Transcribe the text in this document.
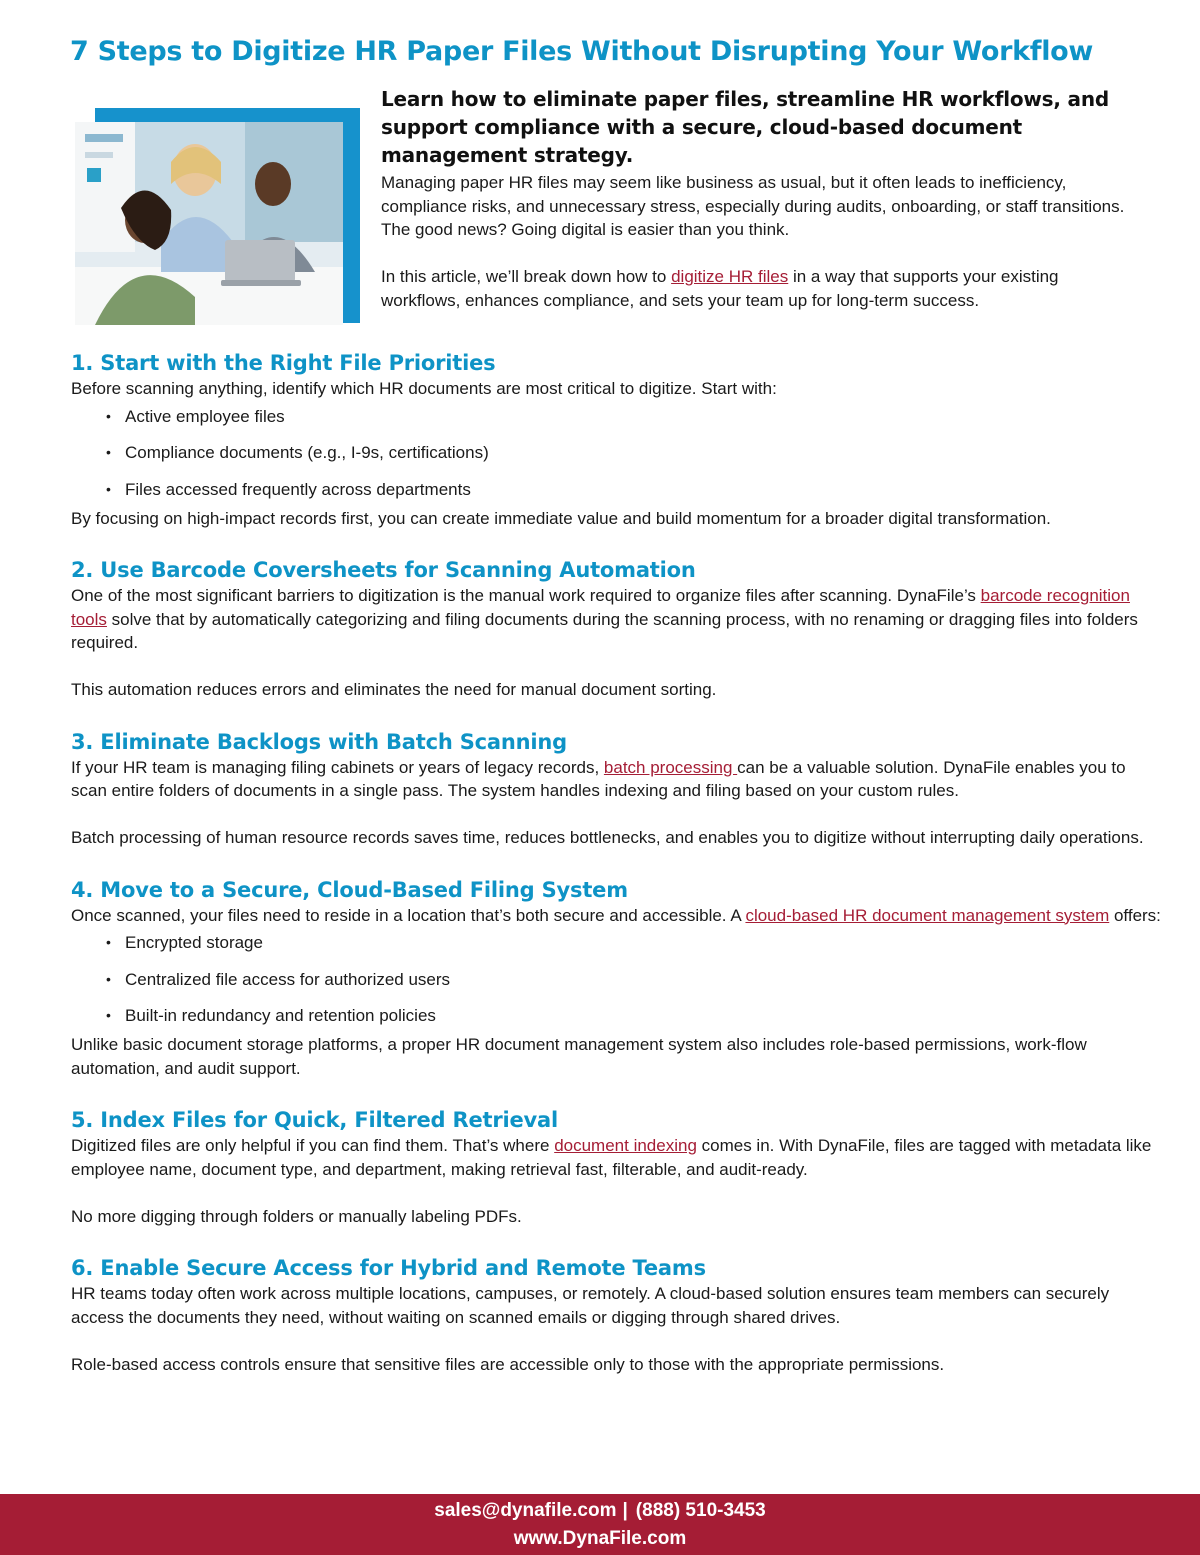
7 Steps to Digitize HR Paper Files Without Disrupting Your Workflow
Learn how to eliminate paper files, streamline HR workflows, and support compliance with a secure, cloud-based document management strategy.

Managing paper HR files may seem like business as usual, but it often leads to inefficiency, compliance risks, and unnecessary stress, especially during audits, onboarding, or staff transitions. The good news? Going digital is easier than you think.

In this article, we’ll break down how to digitize HR files in a way that supports your existing workflows, enhances compliance, and sets your team up for long-term success.

1. Start with the Right File Priorities

Before scanning anything, identify which HR documents are most critical to digitize. Start with:

• Active employee files
• Compliance documents (e.g., I-9s, certifications)
• Files accessed frequently across departments

By focusing on high-impact records first, you can create immediate value and build momentum for a broader digital transformation.

2. Use Barcode Coversheets for Scanning Automation

One of the most significant barriers to digitization is the manual work required to organize files after scanning. DynaFile’s barcode recognition tools solve that by automatically categorizing and filing documents during the scanning process, with no renaming or dragging files into folders required.

This automation reduces errors and eliminates the need for manual document sorting.

3. Eliminate Backlogs with Batch Scanning

If your HR team is managing filing cabinets or years of legacy records, batch processing can be a valuable solution. DynaFile enables you to scan entire folders of documents in a single pass. The system handles indexing and filing based on your custom rules.

Batch processing of human resource records saves time, reduces bottlenecks, and enables you to digitize without interrupting daily operations.

4. Move to a Secure, Cloud-Based Filing System

Once scanned, your files need to reside in a location that’s both secure and accessible. A cloud-based HR document management system offers:

• Encrypted storage
• Centralized file access for authorized users
• Built-in redundancy and retention policies

Unlike basic document storage platforms, a proper HR document management system also includes role-based permissions, work-flow automation, and audit support.

5. Index Files for Quick, Filtered Retrieval

Digitized files are only helpful if you can find them. That’s where document indexing comes in. With DynaFile, files are tagged with metadata like employee name, document type, and department, making retrieval fast, filterable, and audit-ready.

No more digging through folders or manually labeling PDFs.

6. Enable Secure Access for Hybrid and Remote Teams

HR teams today often work across multiple locations, campuses, or remotely. A cloud-based solution ensures team members can securely access the documents they need, without waiting on scanned emails or digging through shared drives.

Role-based access controls ensure that sensitive files are accessible only to those with the appropriate permissions.

sales@dynafile.com | (888) 510-3453
www.DynaFile.com
